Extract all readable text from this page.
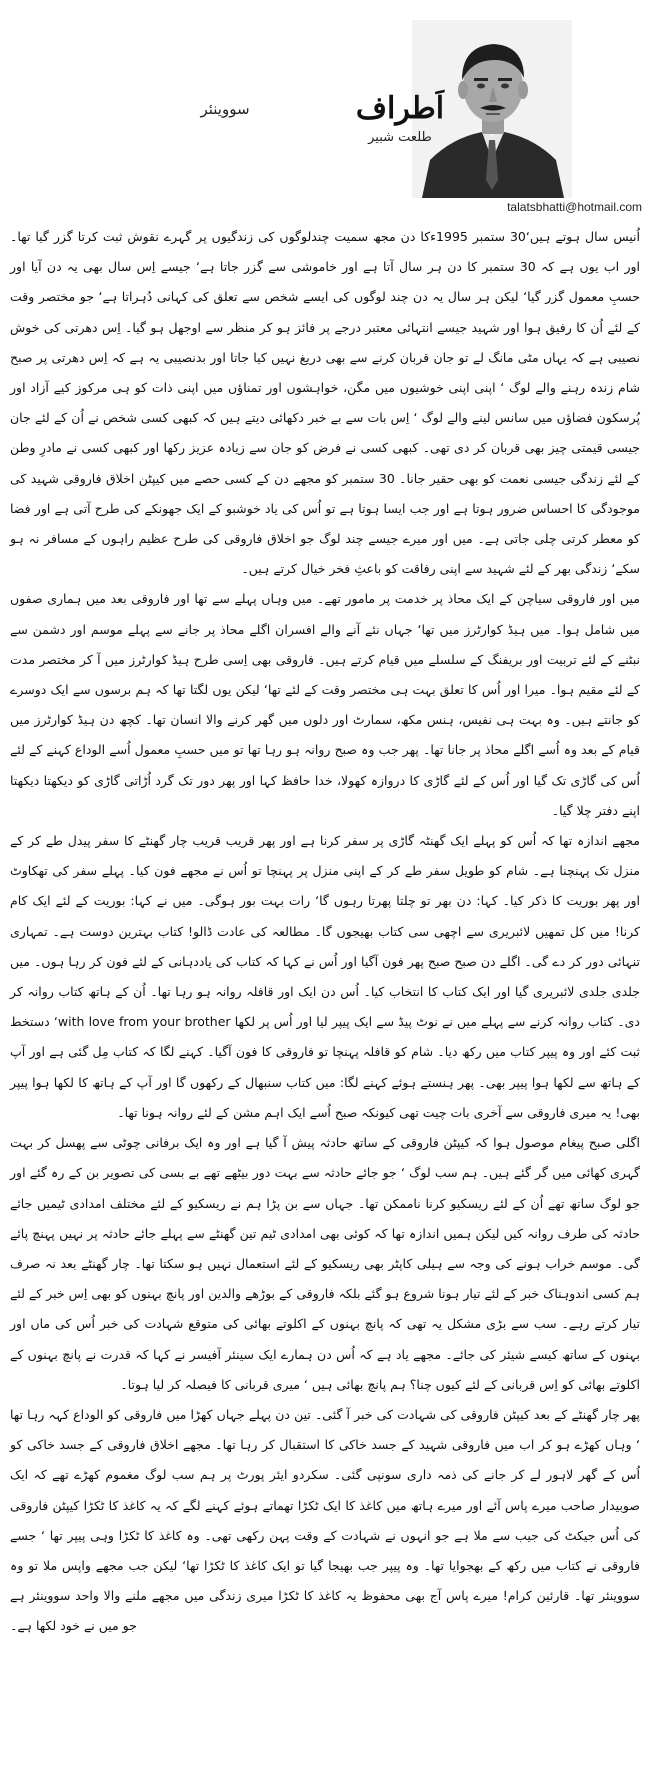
سووینئر	اَطراف
طلعت شبیر
talatsbhatti@hotmail.com

اُنیس سال ہوتے ہیں‘30 ستمبر 1995ءکا دن مجھ سمیت چندلوگوں کی زندگیوں پر گہرے نقوش ثبت کرتا گزر گیا تھا۔ اور اب یوں ہے کہ 30 ستمبر کا دن ہر سال آتا ہے اور خاموشی سے گزر جاتا ہے‘ جیسے اِس سال بھی یہ دن آیا اور حسبِ معمول گزر گیا‘ لیکن ہر سال یہ دن چند لوگوں کی ایسے شخص سے تعلق کی کہانی دُہراتا ہے‘ جو مختصر وقت کے لئے اُن کا رفیق ہوا اور شہید جیسے انتہائی معتبر درجے پر فائز ہو کر منظر سے اوجھل ہو گیا۔ اِس دھرتی کی خوش نصیبی ہے کہ یہاں مٹی مانگ لے تو جان قربان کرنے سے بھی دریغ نہیں کیا جاتا اور بدنصیبی یہ ہے کہ اِس دھرتی پر صبح شام زندہ رہنے والے لوگ ‘ اپنی اپنی خوشیوں میں مگن، خواہشوں اور تمناؤں میں اپنی ذات کو ہی مرکوز کیے آزاد اور پُرسکون فضاؤں میں سانس لینے والے لوگ ‘ اِس بات سے بے خبر دکھائی دیتے ہیں کہ کبھی کسی شخص نے اُن کے لئے جان جیسی قیمتی چیز بھی قربان کر دی تھی۔ کبھی کسی نے فرض کو جان سے زیادہ عزیز رکھا اور کبھی کسی نے مادرِ وطن کے لئے زندگی جیسی نعمت کو بھی حقیر جانا۔ 30 ستمبر کو مجھے دن کے کسی حصے میں کیپٹن اخلاق فاروقی شہید کی موجودگی کا احساس ضرور ہوتا ہے اور جب ایسا ہوتا ہے تو اُس کی یاد خوشبو کے ایک جھونکے کی طرح آتی ہے اور فضا کو معطر کرتی چلی جاتی ہے۔ میں اور میرے جیسے چند لوگ جو اخلاق فاروقی کی طرح عظیم راہوں کے مسافر نہ ہو سکے‘ زندگی بھر کے لئے شہید سے اپنی رفاقت کو باعثِ فخر خیال کرتے ہیں۔

میں اور فاروقی سیاچن کے ایک محاذ پر خدمت پر مامور تھے۔ میں وہاں پہلے سے تھا اور فاروقی بعد میں ہماری صفوں میں شامل ہوا۔ میں ہیڈ کوارٹرز میں تھا‘ جہاں نئے آنے والے افسران اگلے محاذ پر جانے سے پہلے موسم اور دشمن سے نبٹنے کے لئے تربیت اور بریفنگ کے سلسلے میں قیام کرتے ہیں۔ فاروقی بھی اِسی طرح ہیڈ کوارٹرز میں آ کر مختصر مدت کے لئے مقیم ہوا۔ میرا اور اُس کا تعلق بہت ہی مختصر وقت کے لئے تھا‘ لیکن یوں لگتا تھا کہ ہم برسوں سے ایک دوسرے کو جانتے ہیں۔ وہ بہت ہی نفیس، ہنس مکھ، سمارٹ اور دلوں میں گھر کرنے والا انسان تھا۔ کچھ دن ہیڈ کوارٹرز میں قیام کے بعد وہ اُسے اگلے محاذ پر جانا تھا۔ پھر جب وہ صبح روانہ ہو رہا تھا تو میں حسبِ معمول اُسے الوداع کہنے کے لئے اُس کی گاڑی تک گیا اور اُس کے لئے گاڑی کا دروازہ کھولا، خدا حافظ کہا اور پھر دور تک گرد اُڑاتی گاڑی کو دیکھتا دیکھتا اپنے دفتر چلا گیا۔

مجھے اندازہ تھا کہ اُس کو پہلے ایک گھنٹہ گاڑی پر سفر کرنا ہے اور پھر قریب قریب چار گھنٹے کا سفر پیدل طے کر کے منزل تک پہنچنا ہے۔ شام کو طویل سفر طے کر کے اپنی منزل پر پہنچا تو اُس نے مجھے فون کیا۔ پہلے سفر کی تھکاوٹ اور پھر بوریت کا ذکر کیا۔ کہا: دن بھر تو چلتا پھرتا رہوں گا‘ رات بہت بور ہوگی۔ میں نے کہا: بوریت کے لئے ایک کام کرنا! میں کل تمھیں لائبریری سے اچھی سی کتاب بھیجوں گا۔ مطالعہ کی عادت ڈالو! کتاب بہترین دوست ہے۔ تمہاری تنہائی دور کر دے گی۔ اگلے دن صبح صبح پھر فون آگیا اور اُس نے کہا کہ کتاب کی یاددہانی کے لئے فون کر رہا ہوں۔ میں جلدی جلدی لائبریری گیا اور ایک کتاب کا انتخاب کیا۔ اُس دن ایک اور قافلہ روانہ ہو رہا تھا۔ اُن کے ہاتھ کتاب روانہ کر دی۔ کتاب روانہ کرنے سے پہلے میں نے نوٹ پیڈ سے ایک پیپر لیا اور اُس پر لکھا with love from your brother‘ دستخط ثبت کئے اور وہ پیپر کتاب میں رکھ دیا۔ شام کو قافلہ پہنچا تو فاروقی کا فون آگیا۔ کہنے لگا کہ کتاب مِل گئی ہے اور آپ کے ہاتھ سے لکھا ہوا پیپر بھی۔ پھر ہنستے ہوئے کہنے لگا: میں کتاب سنبھال کے رکھوں گا اور آپ کے ہاتھ کا لکھا ہوا پیپر بھی! یہ میری فاروقی سے آخری بات چیت تھی کیونکہ صبح اُسے ایک اہم مشن کے لئے روانہ ہونا تھا۔

اگلی صبح پیغام موصول ہوا کہ کیپٹن فاروقی کے ساتھ حادثہ پیش آ گیا ہے اور وہ ایک برفانی چوٹی سے پھسل کر بہت گہری کھائی میں گر گئے ہیں۔ ہم سب لوگ ‘ جو جائے حادثہ سے بہت دور بیٹھے تھے بے بسی کی تصویر بن کے رہ گئے اور جو لوگ ساتھ تھے اُن کے لئے ریسکیو کرنا ناممکن تھا۔ جہاں سے بن پڑا ہم نے ریسکیو کے لئے مختلف امدادی ٹیمیں جائے حادثہ کی طرف روانہ کیں لیکن ہمیں اندازہ تھا کہ کوئی بھی امدادی ٹیم تین گھنٹے سے پہلے جائے حادثہ پر نہیں پہنچ پائے گی۔ موسم خراب ہونے کی وجہ سے ہیلی کاپٹر بھی ریسکیو کے لئے استعمال نہیں ہو سکتا تھا۔ چار گھنٹے بعد نہ صرف ہم کسی اندوہناک خبر کے لئے تیار ہونا شروع ہو گئے بلکہ فاروقی کے بوڑھے والدین اور پانچ بہنوں کو بھی اِس خبر کے لئے تیار کرتے رہے۔ سب سے بڑی مشکل یہ تھی کہ پانچ بہنوں کے اکلوتے بھائی کی متوقع شہادت کی خبر اُس کی ماں اور بہنوں کے ساتھ کیسے شیئر کی جائے۔ مجھے یاد ہے کہ اُس دن ہمارے ایک سینئر آفیسر نے کہا کہ قدرت نے پانچ بہنوں کے اکلوتے بھائی کو اِس قربانی کے لئے کیوں چنا؟ ہم پانچ بھائی ہیں ‘ میری قربانی کا فیصلہ کر لیا ہوتا۔

پھر چار گھنٹے کے بعد کیپٹن فاروقی کی شہادت کی خبر آ گئی۔ تین دن پہلے جہاں کھڑا میں فاروقی کو الوداع کہہ رہا تھا ‘ وہاں کھڑے ہو کر اب میں فاروقی شہید کے جسد خاکی کا استقبال کر رہا تھا۔ مجھے اخلاق فاروقی کے جسد خاکی کو اُس کے گھر لاہور لے کر جانے کی ذمہ داری سونپی گئی۔ سکردو ایئر پورٹ پر ہم سب لوگ مغموم کھڑے تھے کہ ایک صوبیدار صاحب میرے پاس آئے اور میرے ہاتھ میں کاغذ کا ایک ٹکڑا تھماتے ہوئے کہنے لگے کہ یہ کاغذ کا ٹکڑا کیپٹن فاروقی کی اُس جیکٹ کی جیب سے ملا ہے جو انہوں نے شہادت کے وقت پہن رکھی تھی۔ وہ کاغذ کا ٹکڑا وہی پیپر تھا ‘ جسے فاروقی نے کتاب میں رکھ کے بھجوایا تھا۔ وہ پیپر جب بھیجا گیا تو ایک کاغذ کا ٹکڑا تھا‘ لیکن جب مجھے واپس ملا تو وہ سووینئر تھا۔ قارئین کرام! میرے پاس آج بھی محفوظ یہ کاغذ کا ٹکڑا میری زندگی میں مجھے ملنے والا واحد سووینئر ہے جو میں نے خود لکھا ہے۔
